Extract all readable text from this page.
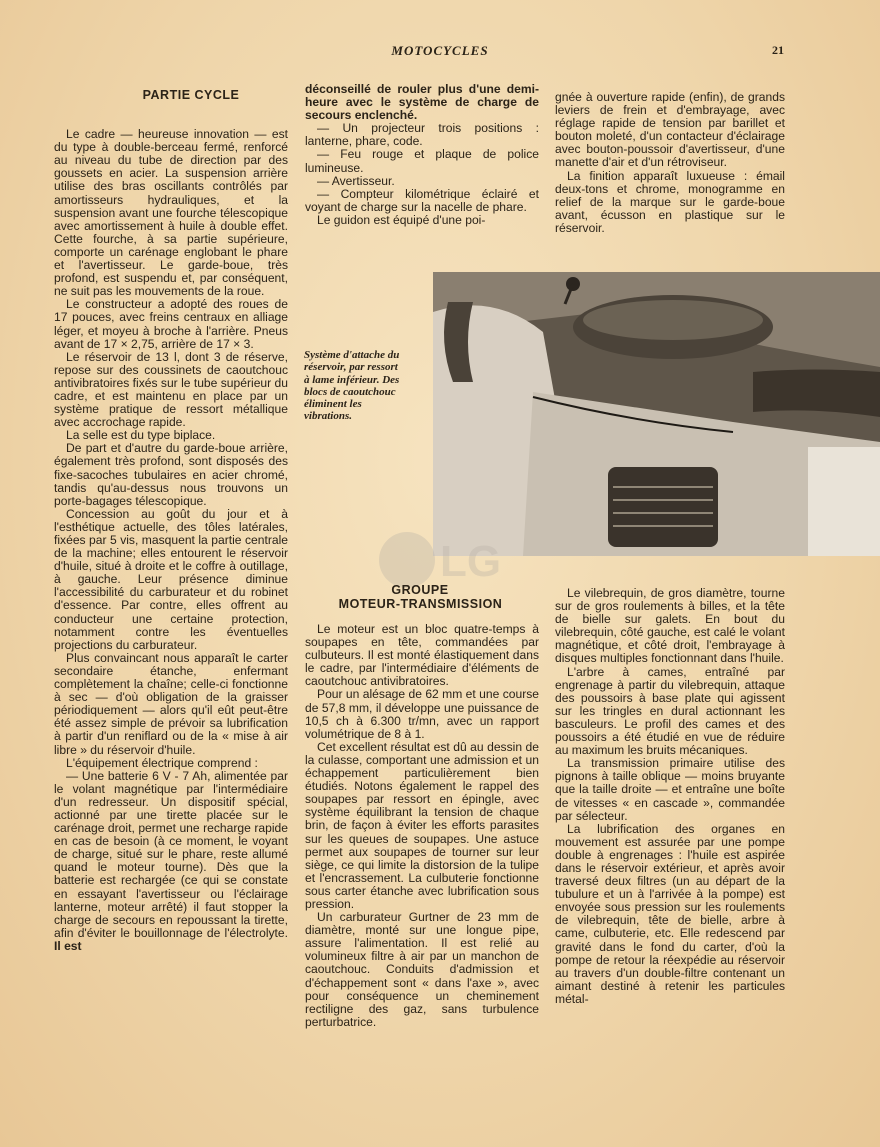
MOTOCYCLES	21

PARTIE CYCLE

Le cadre — heureuse innovation — est du type à double-berceau fermé, renforcé au niveau du tube de direction par des goussets en acier. La suspension arrière utilise des bras oscillants contrôlés par amortisseurs hydrauliques, et la suspension avant une fourche télescopique avec amortissement à huile à double effet. Cette fourche, à sa partie supérieure, comporte un carénage englobant le phare et l'avertisseur. Le garde-boue, très profond, est suspendu et, par conséquent, ne suit pas les mouvements de la roue.

Le constructeur a adopté des roues de 17 pouces, avec freins centraux en alliage léger, et moyeu à broche à l'arrière. Pneus avant de 17 × 2,75, arrière de 17 × 3.

Le réservoir de 13 l, dont 3 de réserve, repose sur des coussinets de caoutchouc antivibratoires fixés sur le tube supérieur du cadre, et est maintenu en place par un système pratique de ressort métallique avec accrochage rapide.

La selle est du type biplace.

De part et d'autre du garde-boue arrière, également très profond, sont disposés des fixe-sacoches tubulaires en acier chromé, tandis qu'au-dessus nous trouvons un porte-bagages télescopique.

Concession au goût du jour et à l'esthétique actuelle, des tôles latérales, fixées par 5 vis, masquent la partie centrale de la machine; elles entourent le réservoir d'huile, situé à droite et le coffre à outillage, à gauche. Leur présence diminue l'accessibilité du carburateur et du robinet d'essence. Par contre, elles offrent au conducteur une certaine protection, notamment contre les éventuelles projections du carburateur.

Plus convaincant nous apparaît le carter secondaire étanche, enfermant complètement la chaîne; celle-ci fonctionne à sec — d'où obligation de la graisser périodiquement — alors qu'il eût peut-être été assez simple de prévoir sa lubrification à partir d'un reniflard ou de la « mise à air libre » du réservoir d'huile.

L'équipement électrique comprend :

— Une batterie 6 V - 7 Ah, alimentée par le volant magnétique par l'intermédiaire d'un redresseur. Un dispositif spécial, actionné par une tirette placée sur le carénage droit, permet une recharge rapide en cas de besoin (à ce moment, le voyant de charge, situé sur le phare, reste allumé quand le moteur tourne). Dès que la batterie est rechargée (ce qui se constate en essayant l'avertisseur ou l'éclairage lanterne, moteur arrêté) il faut stopper la charge de secours en repoussant la tirette, afin d'éviter le bouillonnage de l'électrolyte. Il est

déconseillé de rouler plus d'une demi-heure avec le système de charge de secours enclenché.

— Un projecteur trois positions : lanterne, phare, code.

— Feu rouge et plaque de police lumineuse.

— Avertisseur.

— Compteur kilométrique éclairé et voyant de charge sur la nacelle de phare.

Le guidon est équipé d'une poi-

gnée à ouverture rapide (enfin), de grands leviers de frein et d'embrayage, avec réglage rapide de tension par barillet et bouton moleté, d'un contacteur d'éclairage avec bouton-poussoir d'avertisseur, d'une manette d'air et d'un rétroviseur.

La finition apparaît luxueuse : émail deux-tons et chrome, monogramme en relief de la marque sur le garde-boue avant, écusson en plastique sur le réservoir.

Système d'attache du réservoir, par ressort à lame inférieur. Des blocs de caoutchouc éliminent les vibrations.
LG
GROUPE
MOTEUR-TRANSMISSION

Le moteur est un bloc quatre-temps à soupapes en tête, commandées par culbuteurs. Il est monté élastiquement dans le cadre, par l'intermédiaire d'éléments de caoutchouc antivibratoires.

Pour un alésage de 62 mm et une course de 57,8 mm, il développe une puissance de 10,5 ch à 6.300 tr/mn, avec un rapport volumétrique de 8 à 1.

Cet excellent résultat est dû au dessin de la culasse, comportant une admission et un échappement particulièrement bien étudiés. Notons également le rappel des soupapes par ressort en épingle, avec système équilibrant la tension de chaque brin, de façon à éviter les efforts parasites sur les queues de soupapes. Une astuce permet aux soupapes de tourner sur leur siège, ce qui limite la distorsion de la tulipe et l'encrassement. La culbuterie fonctionne sous carter étanche avec lubrification sous pression.

Un carburateur Gurtner de 23 mm de diamètre, monté sur une longue pipe, assure l'alimentation. Il est relié au volumineux filtre à air par un manchon de caoutchouc. Conduits d'admission et d'échappement sont « dans l'axe », avec pour conséquence un cheminement rectiligne des gaz, sans turbulence perturbatrice.

Le vilebrequin, de gros diamètre, tourne sur de gros roulements à billes, et la tête de bielle sur galets. En bout du vilebrequin, côté gauche, est calé le volant magnétique, et côté droit, l'embrayage à disques multiples fonctionnant dans l'huile.

L'arbre à cames, entraîné par engrenage à partir du vilebrequin, attaque des poussoirs à base plate qui agissent sur les tringles en dural actionnant les basculeurs. Le profil des cames et des poussoirs a été étudié en vue de réduire au maximum les bruits mécaniques.

La transmission primaire utilise des pignons à taille oblique — moins bruyante que la taille droite — et entraîne une boîte de vitesses « en cascade », commandée par sélecteur.

La lubrification des organes en mouvement est assurée par une pompe double à engrenages : l'huile est aspirée dans le réservoir extérieur, et après avoir traversé deux filtres (un au départ de la tubulure et un à l'arrivée à la pompe) est envoyée sous pression sur les roulements de vilebrequin, tête de bielle, arbre à came, culbuterie, etc. Elle redescend par gravité dans le fond du carter, d'où la pompe de retour la réexpédie au réservoir au travers d'un double-filtre contenant un aimant destiné à retenir les particules métal-
